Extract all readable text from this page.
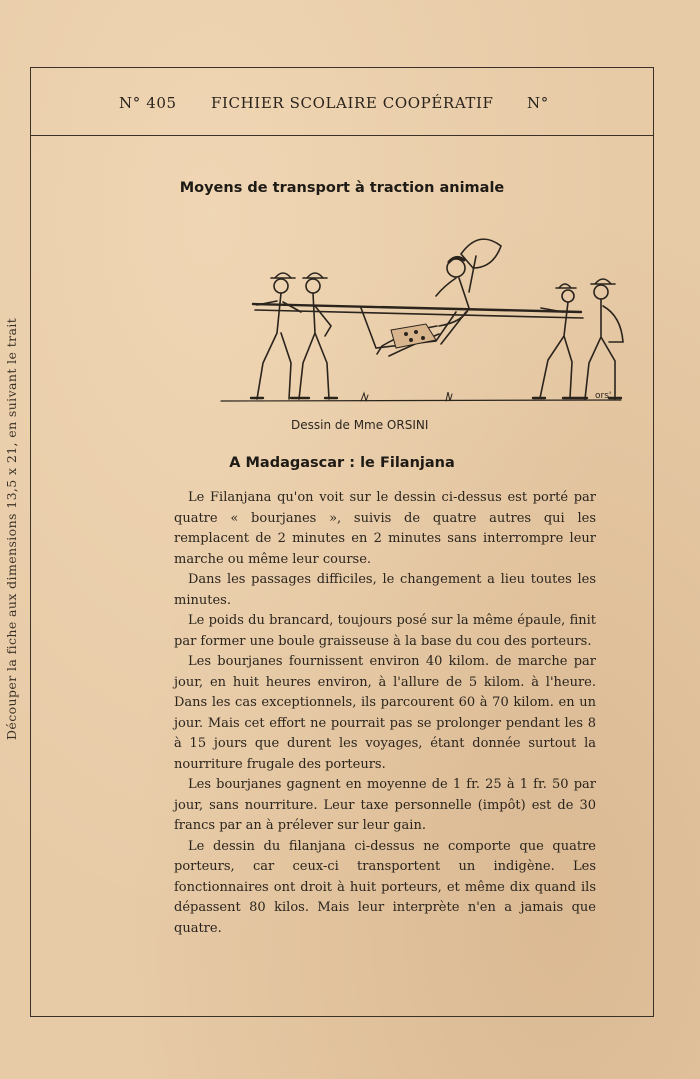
Découper la fiche aux dimensions 13,5 x 21, en suivant le trait
N° 405 FICHIER SCOLAIRE COOPÉRATIF N°
Moyens de transport à traction animale
ors'
Dessin de Mme ORSINI
A Madagascar : le Filanjana

Le Filanjana qu'on voit sur le dessin ci-dessus est porté par quatre « bourjanes », suivis de quatre autres qui les remplacent de 2 minutes en 2 minutes sans interrompre leur marche ou même leur course.

Dans les passages difficiles, le changement a lieu toutes les minutes.

Le poids du brancard, toujours posé sur la même épaule, finit par former une boule graisseuse à la base du cou des porteurs.

Les bourjanes fournissent environ 40 kilom. de marche par jour, en huit heures environ, à l'allure de 5 kilom. à l'heure. Dans les cas exceptionnels, ils parcourent 60 à 70 kilom. en un jour. Mais cet effort ne pourrait pas se prolonger pendant les 8 à 15 jours que durent les voyages, étant donnée surtout la nourriture frugale des porteurs.

Les bourjanes gagnent en moyenne de 1 fr. 25 à 1 fr. 50 par jour, sans nourriture. Leur taxe personnelle (impôt) est de 30 francs par an à prélever sur leur gain.

Le dessin du filanjana ci-dessus ne comporte que quatre porteurs, car ceux-ci transportent un indigène. Les fonctionnaires ont droit à huit porteurs, et même dix quand ils dépassent 80 kilos. Mais leur interprète n'en a jamais que quatre.
